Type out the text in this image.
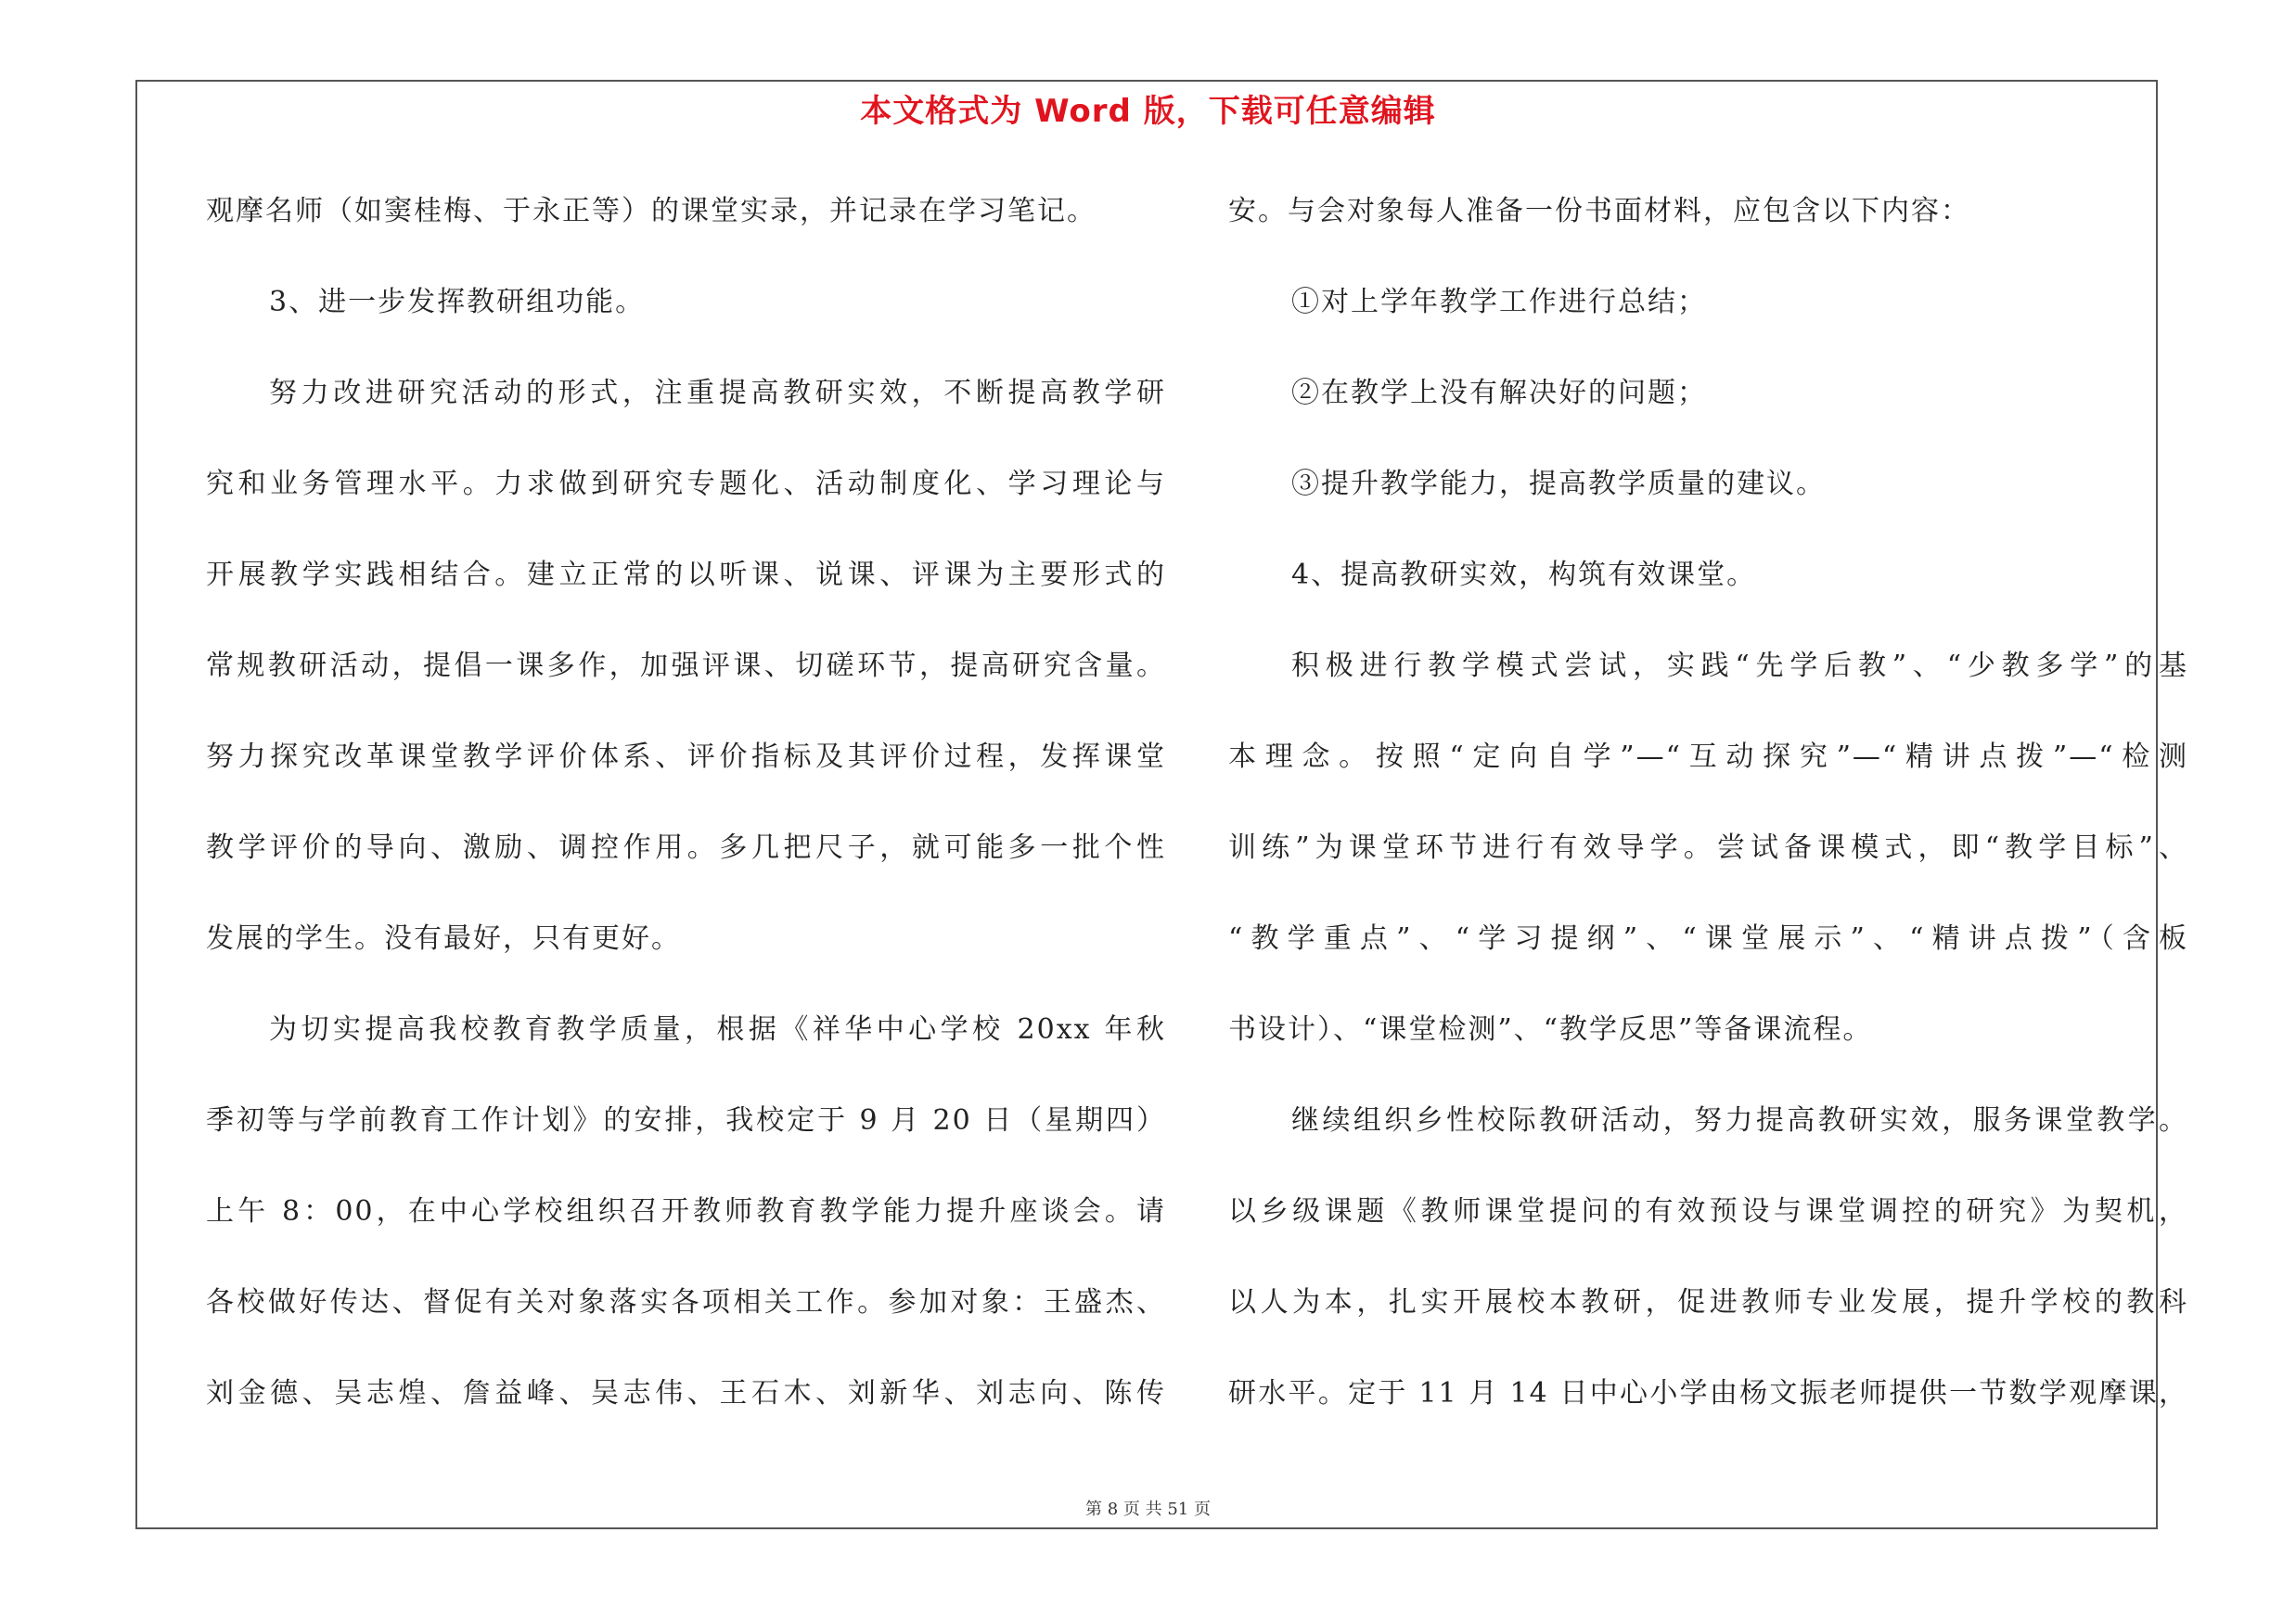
本文格式为 Word 版，下载可任意编辑
观摩名师（如窦桂梅、于永正等）的课堂实录，并记录在学习笔记。
3、进一步发挥教研组功能。
努力改进研究活动的形式，注重提高教研实效，不断提高教学研
究和业务管理水平。力求做到研究专题化、活动制度化、学习理论与
开展教学实践相结合。建立正常的以听课、说课、评课为主要形式的
常规教研活动，提倡一课多作，加强评课、切磋环节，提高研究含量。
努力探究改革课堂教学评价体系、评价指标及其评价过程，发挥课堂
教学评价的导向、激励、调控作用。多几把尺子，就可能多一批个性
发展的学生。没有最好，只有更好。
为切实提高我校教育教学质量，根据《祥华中心学校 20xx 年秋
季初等与学前教育工作计划》的安排，我校定于 9 月 20 日（星期四）
上午 8：00，在中心学校组织召开教师教育教学能力提升座谈会。请
各校做好传达、督促有关对象落实各项相关工作。参加对象：王盛杰、
刘金德、吴志煌、詹益峰、吴志伟、王石木、刘新华、刘志向、陈传
安。与会对象每人准备一份书面材料，应包含以下内容：
①对上学年教学工作进行总结；
②在教学上没有解决好的问题；
③提升教学能力，提高教学质量的建议。
4、提高教研实效，构筑有效课堂。
积极进行教学模式尝试，实践“先学后教”、“少教多学”的基
本理念。按照“定向自学”—“互动探究”—“精讲点拨”—“检测
训练”为课堂环节进行有效导学。尝试备课模式，即“教学目标”、
“教学重点”、“学习提纲”、“课堂展示”、“精讲点拨”（含板
书设计）、“课堂检测”、“教学反思”等备课流程。
继续组织乡性校际教研活动，努力提高教研实效，服务课堂教学。
以乡级课题《教师课堂提问的有效预设与课堂调控的研究》为契机，
以人为本，扎实开展校本教研，促进教师专业发展，提升学校的教科
研水平。定于 11 月 14 日中心小学由杨文振老师提供一节数学观摩课，
第 8 页 共 51 页
